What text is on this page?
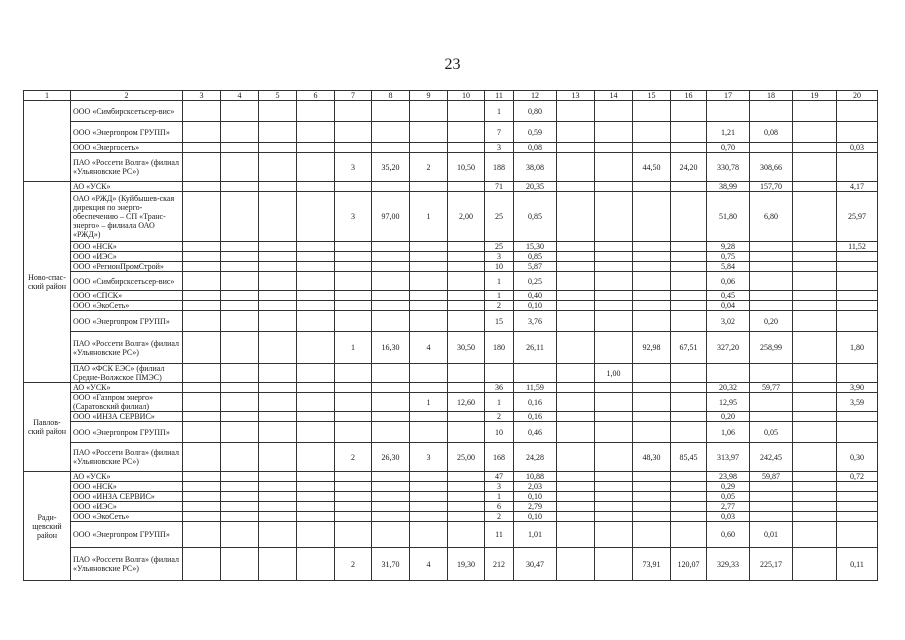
23
1	2	3	4	5	6	7	8	9	10	11	12	13	14	15	16	17	18	19	20
	ООО «Симбирсксетьсер-вис»									1	0,80								
	ООО «Энергопром ГРУПП»									7	0,59					1,21	0,08		
	ООО «Энергосеть»									3	0,08					0,70			0,03
	ПАО «Россети Волга» (филиал «Ульяновские РС»)					3	35,20	2	10,50	188	38,08			44,50	24,20	330,78	308,66		
Ново-спас-ский район	АО «УСК»									71	20,35					38,99	157,70		4,17
	ОАО «РЖД» (Куйбышев-ская дирекция по энерго-обеспечению – СП «Транс-энерго» – филиала ОАО «РЖД»)					3	97,00	1	2,00	25	0,85					51,80	6,80		25,97
	ООО «НСК»									25	15,30					9,28			11,52
	ООО «ИЭС»									3	0,85					0,75			
	ООО «РегионПромСтрой»									10	5,87					5,84			
	ООО «Симбирсксетьсер-вис»									1	0,25					0,06			
	ООО «СПСК»									1	0,40					0,45			
	ООО «ЭкоСеть»									2	0,10					0,04			
	ООО «Энергопром ГРУПП»									15	3,76					3,02	0,20		
	ПАО «Россети Волга» (филиал «Ульяновские РС»)					1	16,30	4	30,50	180	26,11			92,98	67,51	327,20	258,99		1,80
	ПАО «ФСК ЕЭС» (филиал Средне-Волжское ПМЭС)												1,00						
Павлов-ский район	АО «УСК»									36	11,59					20,32	59,77		3,90
	ООО «Газпром энерго» (Саратовский филиал)							1	12,60	1	0,16					12,95			3,59
	ООО «ИНЗА СЕРВИС»									2	0,16					0,20			
	ООО «Энергопром ГРУПП»									10	0,46					1,06	0,05		
	ПАО «Россети Волга» (филиал «Ульяновские РС»)					2	26,30	3	25,00	168	24,28			48,30	85,45	313,97	242,45		0,30
Ради-щевский район	АО «УСК»									47	10,88					23,98	59,87		0,72
	ООО «НСК»									3	2,03					0,29			
	ООО «ИНЗА СЕРВИС»									1	0,10					0,05			
	ООО «ИЭС»									6	2,79					2,77			
	ООО «ЭкоСеть»									2	0,10					0,03			
	ООО «Энергопром ГРУПП»									11	1,01					0,60	0,01		
	ПАО «Россети Волга» (филиал «Ульяновские РС»)					2	31,70	4	19,30	212	30,47			73,91	120,07	329,33	225,17		0,11
